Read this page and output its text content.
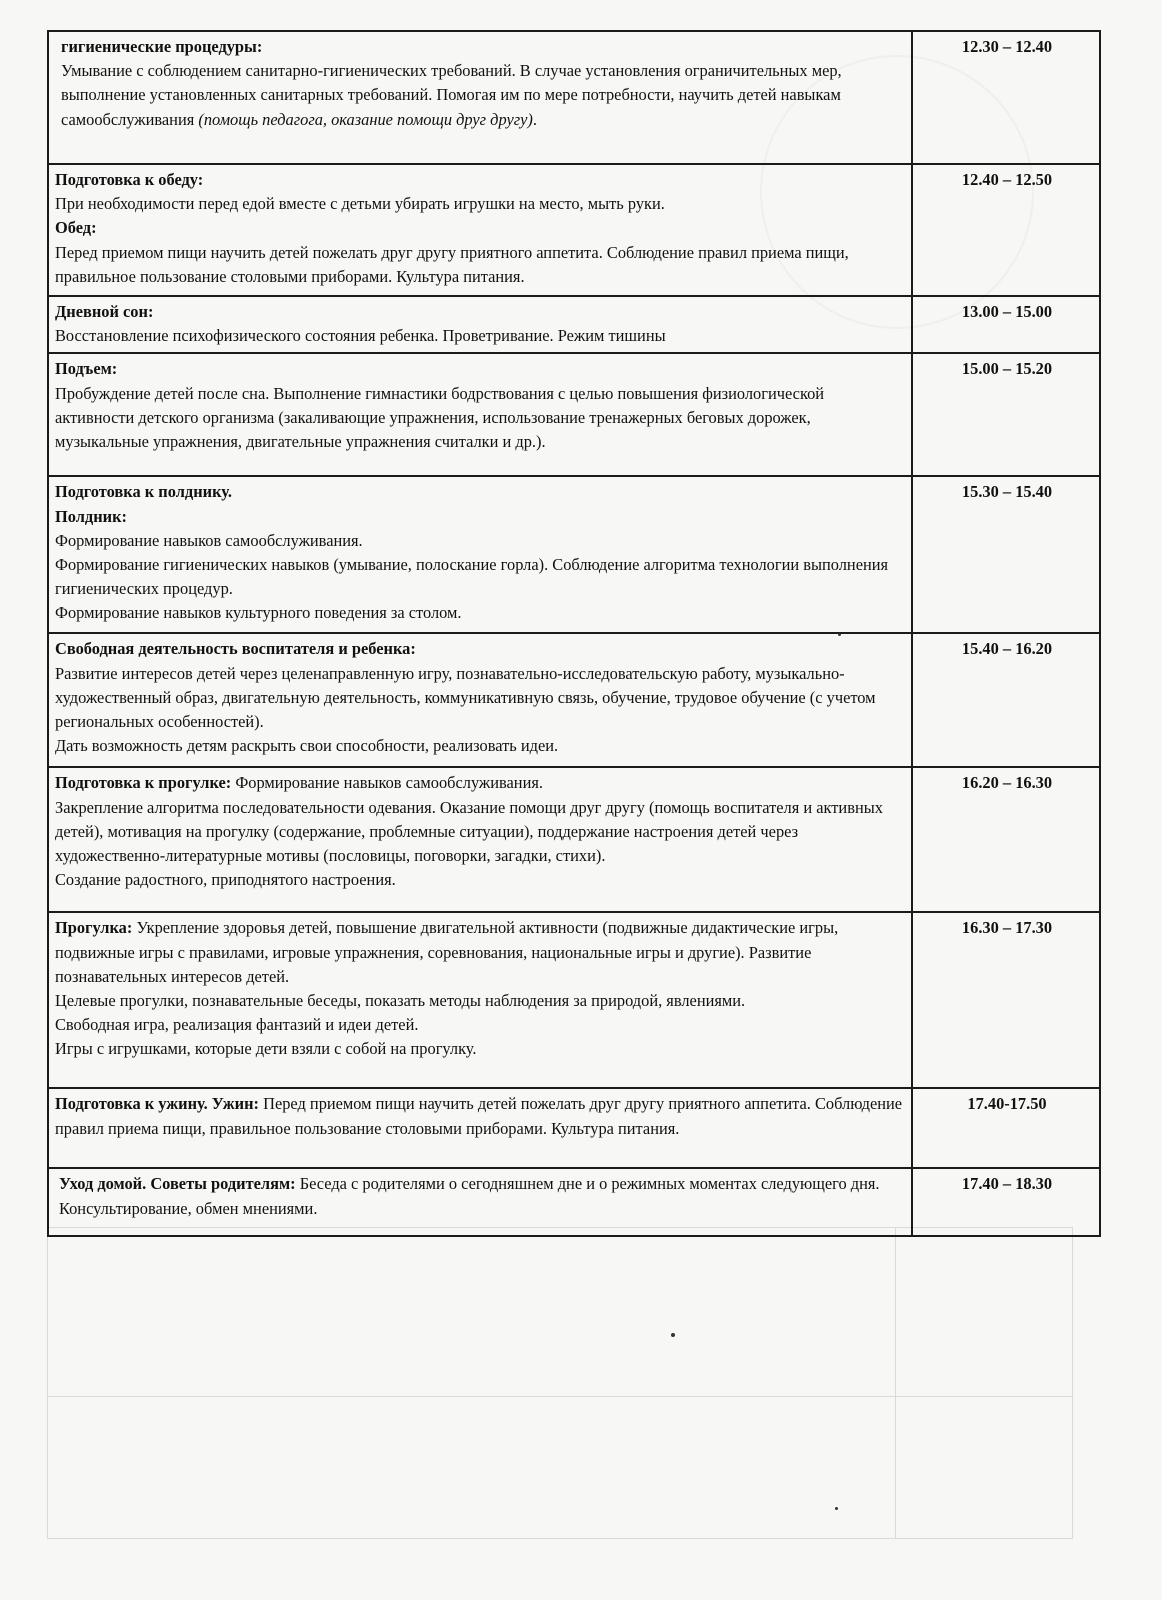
гигиенические процедуры:
Умывание с соблюдением санитарно-гигиенических требований. В случае установления ограничительных мер, выполнение установленных санитарных требований. Помогая им по мере потребности, научить детей навыкам самообслуживания (помощь педагога, оказание помощи друг другу).	12.30 – 12.40

Подготовка к обеду:
При необходимости перед едой вместе с детьми убирать игрушки на место, мыть руки.
Обед:
Перед приемом пищи научить детей пожелать друг другу приятного аппетита. Соблюдение правил приема пищи, правильное пользование столовыми приборами. Культура питания.	12.40 – 12.50

Дневной сон:
Восстановление психофизического состояния ребенка. Проветривание. Режим тишины	13.00 – 15.00

Подъем:
Пробуждение детей после сна. Выполнение гимнастики бодрствования с целью повышения физиологической активности детского организма (закаливающие упражнения, использование тренажерных беговых дорожек, музыкальные упражнения, двигательные упражнения считалки и др.).	15.00 – 15.20

Подготовка к полднику.
Полдник:
Формирование навыков самообслуживания.
Формирование гигиенических навыков (умывание, полоскание горла). Соблюдение алгоритма технологии выполнения гигиенических процедур.
Формирование навыков культурного поведения за столом.	15.30 – 15.40

Свободная деятельность воспитателя и ребенка:
Развитие интересов детей через целенаправленную игру, познавательно-исследовательскую работу, музыкально-художественный образ, двигательную деятельность, коммуникативную связь, обучение, трудовое обучение (с учетом региональных особенностей).
Дать возможность детям раскрыть свои способности, реализовать идеи.	15.40 – 16.20
Подготовка к прогулке: Формирование навыков самообслуживания.
Закрепление алгоритма последовательности одевания. Оказание помощи друг другу (помощь воспитателя и активных детей), мотивация на прогулку (содержание, проблемные ситуации), поддержание настроения детей через художественно-литературные мотивы (пословицы, поговорки, загадки, стихи).
Создание радостного, приподнятого настроения.	16.20 – 16.30
Прогулка: Укрепление здоровья детей, повышение двигательной активности (подвижные дидактические игры, подвижные игры с правилами, игровые упражнения, соревнования, национальные игры и другие). Развитие познавательных интересов детей.
Целевые прогулки, познавательные беседы, показать методы наблюдения за природой, явлениями.
Свободная игра, реализация фантазий и идеи детей.
Игры с игрушками, которые дети взяли с собой на прогулку.	16.30 – 17.30
Подготовка к ужину. Ужин: Перед приемом пищи научить детей пожелать друг другу приятного аппетита. Соблюдение правил приема пищи, правильное пользование столовыми приборами. Культура питания.	17.40-17.50
Уход домой. Советы родителям: Беседа с родителями о сегодняшнем дне и о режимных моментах следующего дня. Консультирование, обмен мнениями.	17.40 – 18.30
